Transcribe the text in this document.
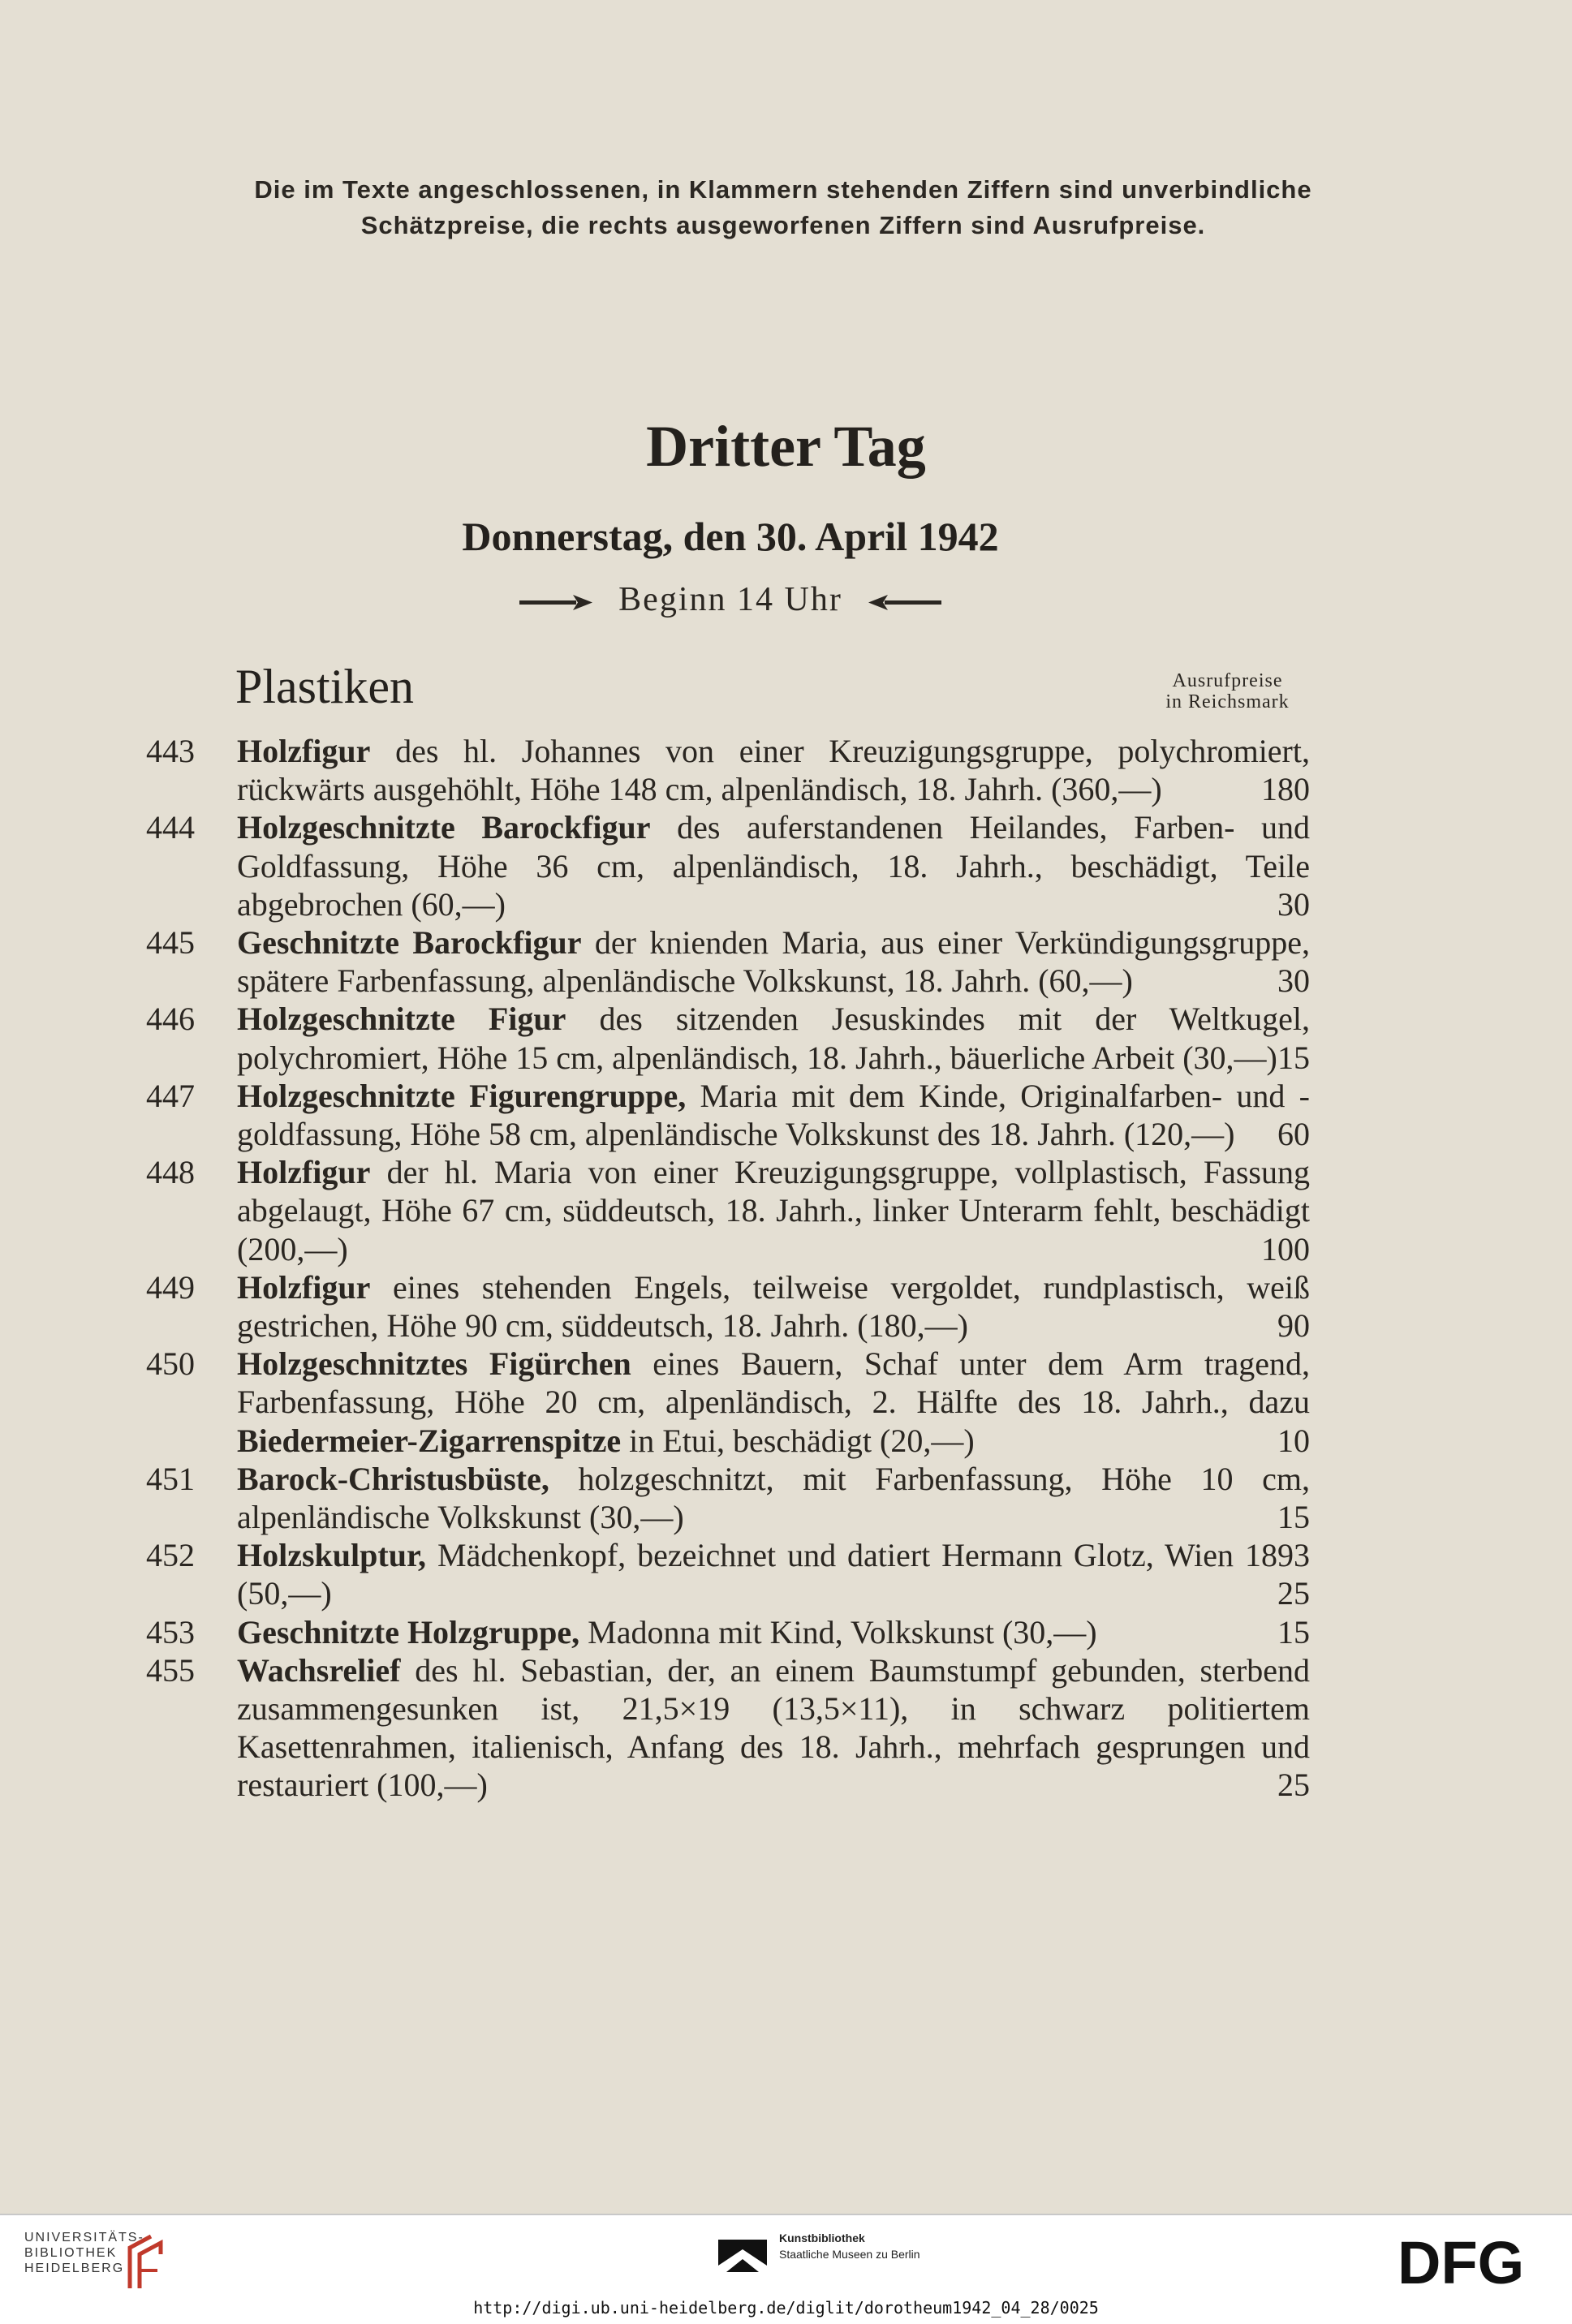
Die im Texte angeschlossenen, in Klammern stehenden Ziffern sind unverbindliche
Schätzpreise, die rechts ausgeworfenen Ziffern sind Ausrufpreise.
Dritter Tag
Donnerstag, den 30. April 1942
Beginn 14 Uhr
Plastiken	Ausrufpreise
in Reichsmark
443	Holzfigur des hl. Johannes von einer Kreuzigungsgruppe, polychromiert, rückwärts ausgehöhlt, Höhe 148 cm, alpenländisch, 18. Jahrh. (360,—)	180
444	Holzgeschnitzte Barockfigur des auferstandenen Heilandes, Farben- und Goldfassung, Höhe 36 cm, alpenländisch, 18. Jahrh., beschädigt, Teile abgebrochen (60,—)	30
445	Geschnitzte Barockfigur der knienden Maria, aus einer Verkündigungsgruppe, spätere Farbenfassung, alpenländische Volkskunst, 18. Jahrh. (60,—)	30
446	Holzgeschnitzte Figur des sitzenden Jesuskindes mit der Weltkugel, polychromiert, Höhe 15 cm, alpenländisch, 18. Jahrh., bäuerliche Arbeit (30,—) 15
447	Holzgeschnitzte Figurengruppe, Maria mit dem Kinde, Originalfarben- und -goldfassung, Höhe 58 cm, alpenländische Volkskunst des 18. Jahrh. (120,—) 60
448	Holzfigur der hl. Maria von einer Kreuzigungsgruppe, vollplastisch, Fassung abgelaugt, Höhe 67 cm, süddeutsch, 18. Jahrh., linker Unterarm fehlt, beschädigt (200,—)	100
449	Holzfigur eines stehenden Engels, teilweise vergoldet, rundplastisch, weiß gestrichen, Höhe 90 cm, süddeutsch, 18. Jahrh. (180,—)	90
450	Holzgeschnitztes Figürchen eines Bauern, Schaf unter dem Arm tragend, Farbenfassung, Höhe 20 cm, alpenländisch, 2. Hälfte des 18. Jahrh., dazu Biedermeier-Zigarrenspitze in Etui, beschädigt (20,—)	10
451	Barock-Christusbüste, holzgeschnitzt, mit Farbenfassung, Höhe 10 cm, alpenländische Volkskunst (30,—)	15
452	Holzskulptur, Mädchenkopf, bezeichnet und datiert Hermann Glotz, Wien 1893 (50,—)	25
453	Geschnitzte Holzgruppe, Madonna mit Kind, Volkskunst (30,—)	15
455	Wachsrelief des hl. Sebastian, der, an einem Baumstumpf gebunden, sterbend zusammengesunken ist, 21,5×19 (13,5×11), in schwarz politiertem Kasettenrahmen, italienisch, Anfang des 18. Jahrh., mehrfach gesprungen und restauriert (100,—)	25
UNIVERSITÄTS-
BIBLIOTHEK
HEIDELBERG
Kunstbibliothek
Staatliche Museen zu Berlin	DFG
http://digi.ub.uni-heidelberg.de/diglit/dorotheum1942_04_28/0025
